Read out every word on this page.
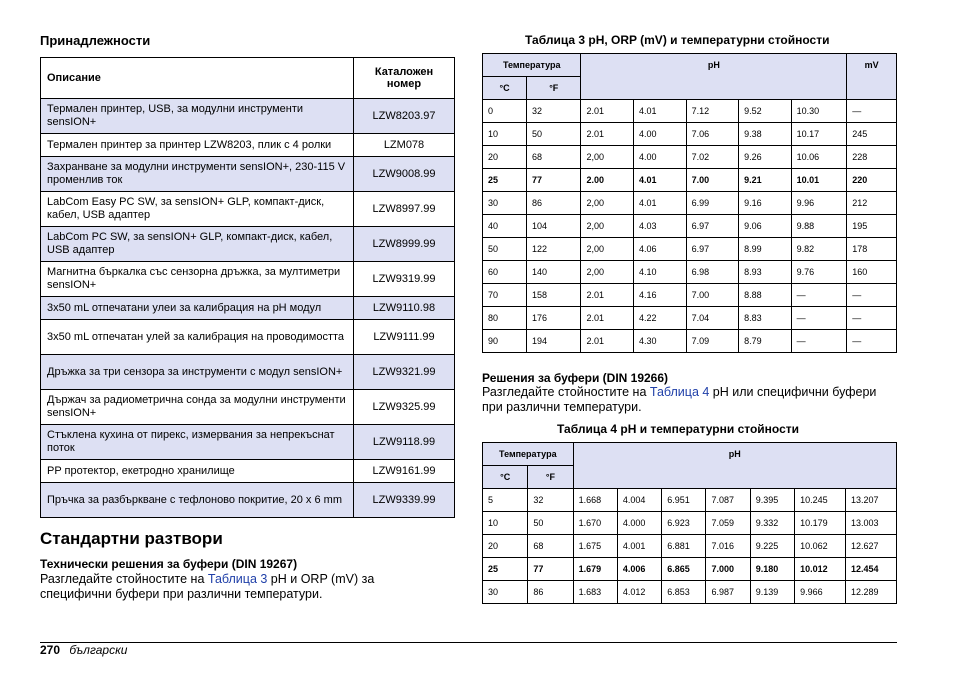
Принадлежности
Описание	Каталожен номер
Термален принтер, USB, за модулни инструменти sensION+	LZW8203.97
Термален принтер за принтер LZW8203, плик с 4 ролки	LZM078
Захранване за модулни инструменти sensION+, 230-115 V променлив ток	LZW9008.99
LabCom Easy PC SW, за sensION+ GLP, компакт-диск, кабел, USB адаптер	LZW8997.99
LabCom PC SW, за sensION+ GLP, компакт-диск, кабел, USB адаптер	LZW8999.99
Магнитна бъркалка със сензорна дръжка, за мултиметри sensION+	LZW9319.99
3x50 mL отпечатани улеи за калибрация на pH модул	LZW9110.98
3x50 mL отпечатан улей за калибрация на проводимостта	LZW9111.99
Дръжка за три сензора за инструменти с модул sensION+	LZW9321.99
Държач за радиометрична сонда за модулни инструменти sensION+	LZW9325.99
Стъклена кухина от пирекс, измервания за непрекъснат поток	LZW9118.99
PP протектор, екетродно хранилище	LZW9161.99
Пръчка за разбъркване с тефлоново покритие, 20 x 6 mm	LZW9339.99
Стандартни разтвори
Технически решения за буфери (DIN 19267)
Разгледайте стойностите на Таблица 3 pH и ORP (mV) за специфични буфери при различни температури.
Таблица 3 pH, ORP (mV) и температурни стойности
Температура		pH					mV
°C	°F						
0	32	2.01	4.01	7.12	9.52	10.30	—
10	50	2.01	4.00	7.06	9.38	10.17	245
20	68	2,00	4.00	7.02	9.26	10.06	228
25	77	2.00	4.01	7.00	9.21	10.01	220
30	86	2,00	4.01	6.99	9.16	9.96	212
40	104	2,00	4.03	6.97	9.06	9.88	195
50	122	2,00	4.06	6.97	8.99	9.82	178
60	140	2,00	4.10	6.98	8.93	9.76	160
70	158	2.01	4.16	7.00	8.88	—	—
80	176	2.01	4.22	7.04	8.83	—	—
90	194	2.01	4.30	7.09	8.79	—	—
Решения за буфери (DIN 19266)
Разгледайте стойностите на Таблица 4 pH или специфични буфери при различни температури.
Таблица 4 pH и температурни стойности
Температура		pH						
°C	°F							
5	32	1.668	4.004	6.951	7.087	9.395	10.245	13.207
10	50	1.670	4.000	6.923	7.059	9.332	10.179	13.003
20	68	1.675	4.001	6.881	7.016	9.225	10.062	12.627
25	77	1.679	4.006	6.865	7.000	9.180	10.012	12.454
30	86	1.683	4.012	6.853	6.987	9.139	9.966	12.289
270 български
